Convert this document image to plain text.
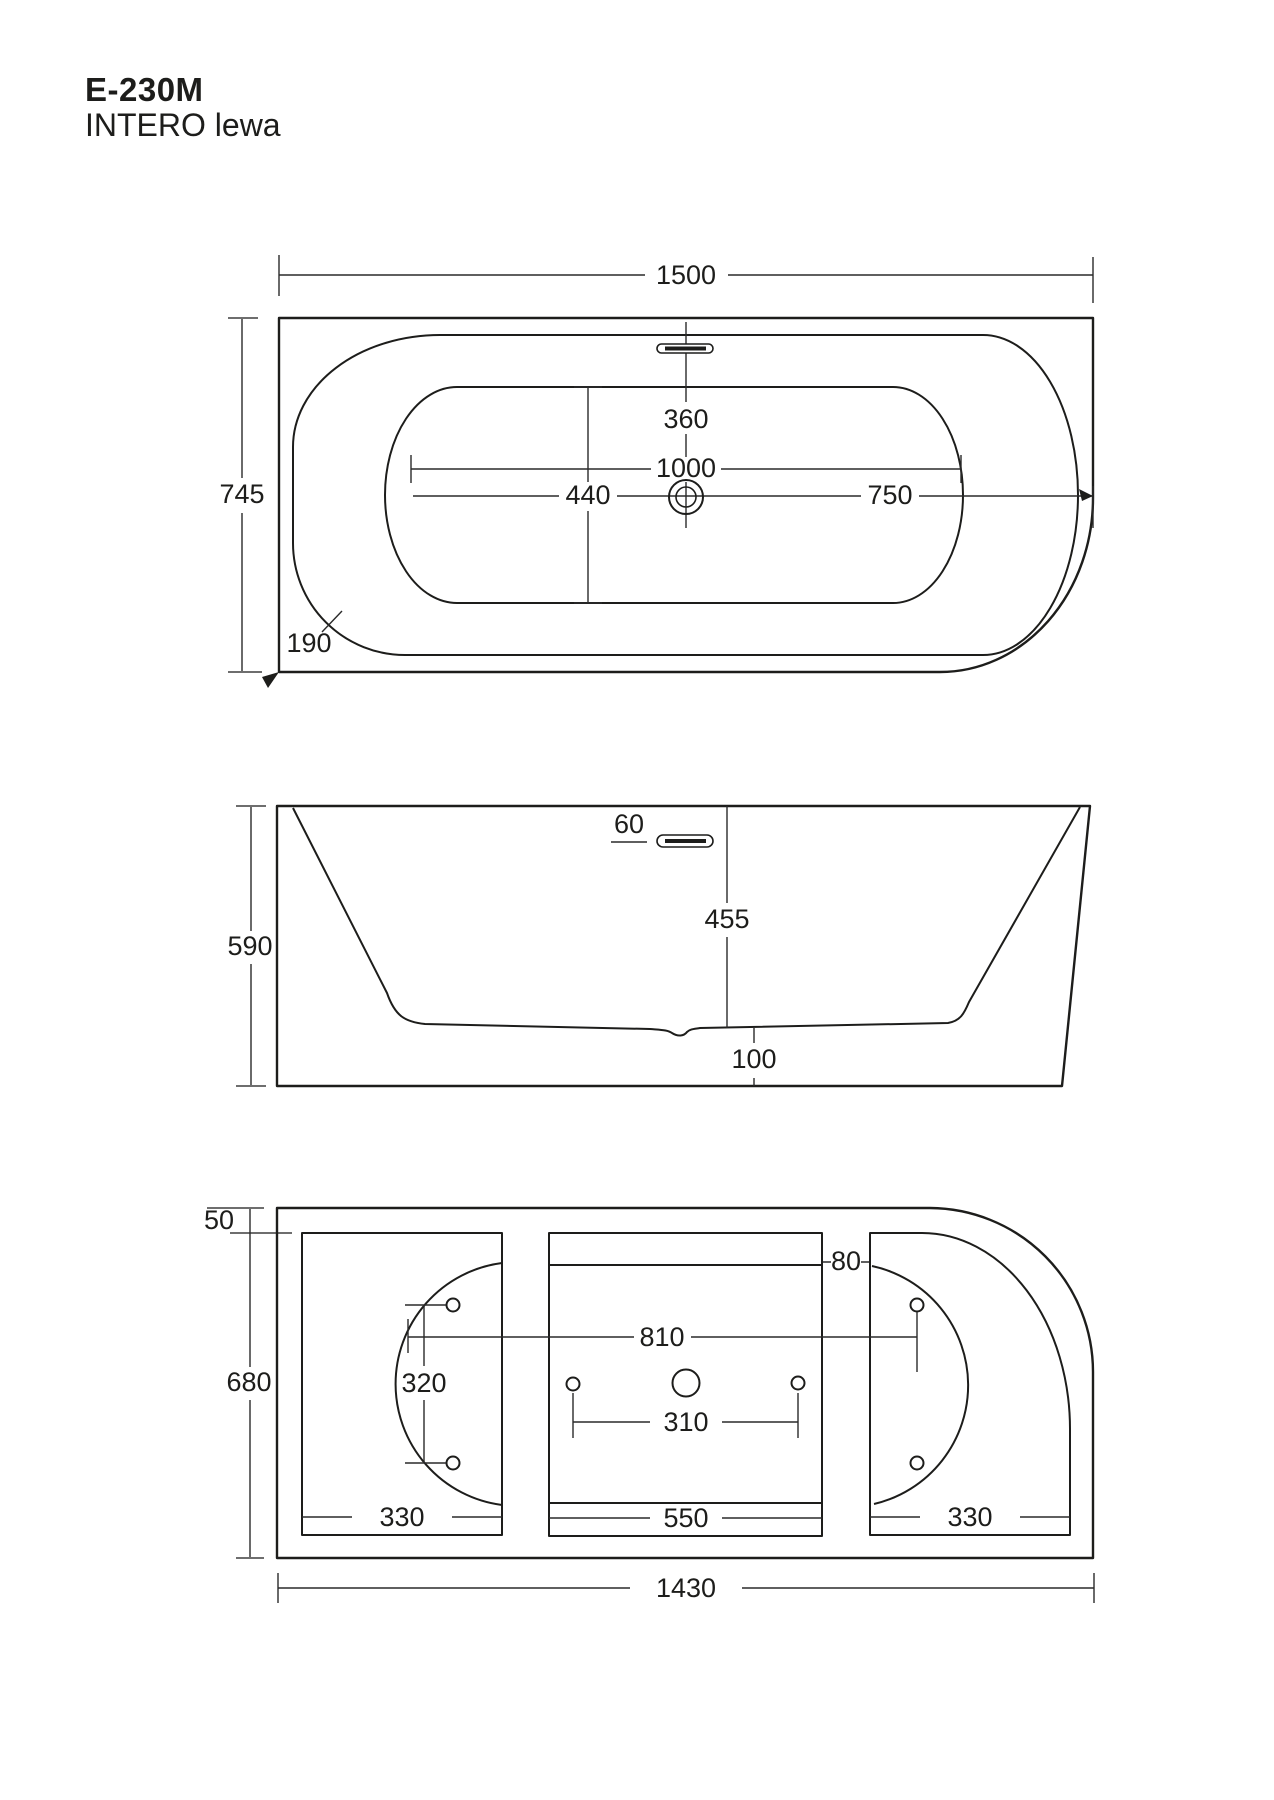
E-230M
INTERO lewa
1500
745
360
1000
440	750
190
590
60
455
100
50
680
80
810
320
310
330	550	330
1430
